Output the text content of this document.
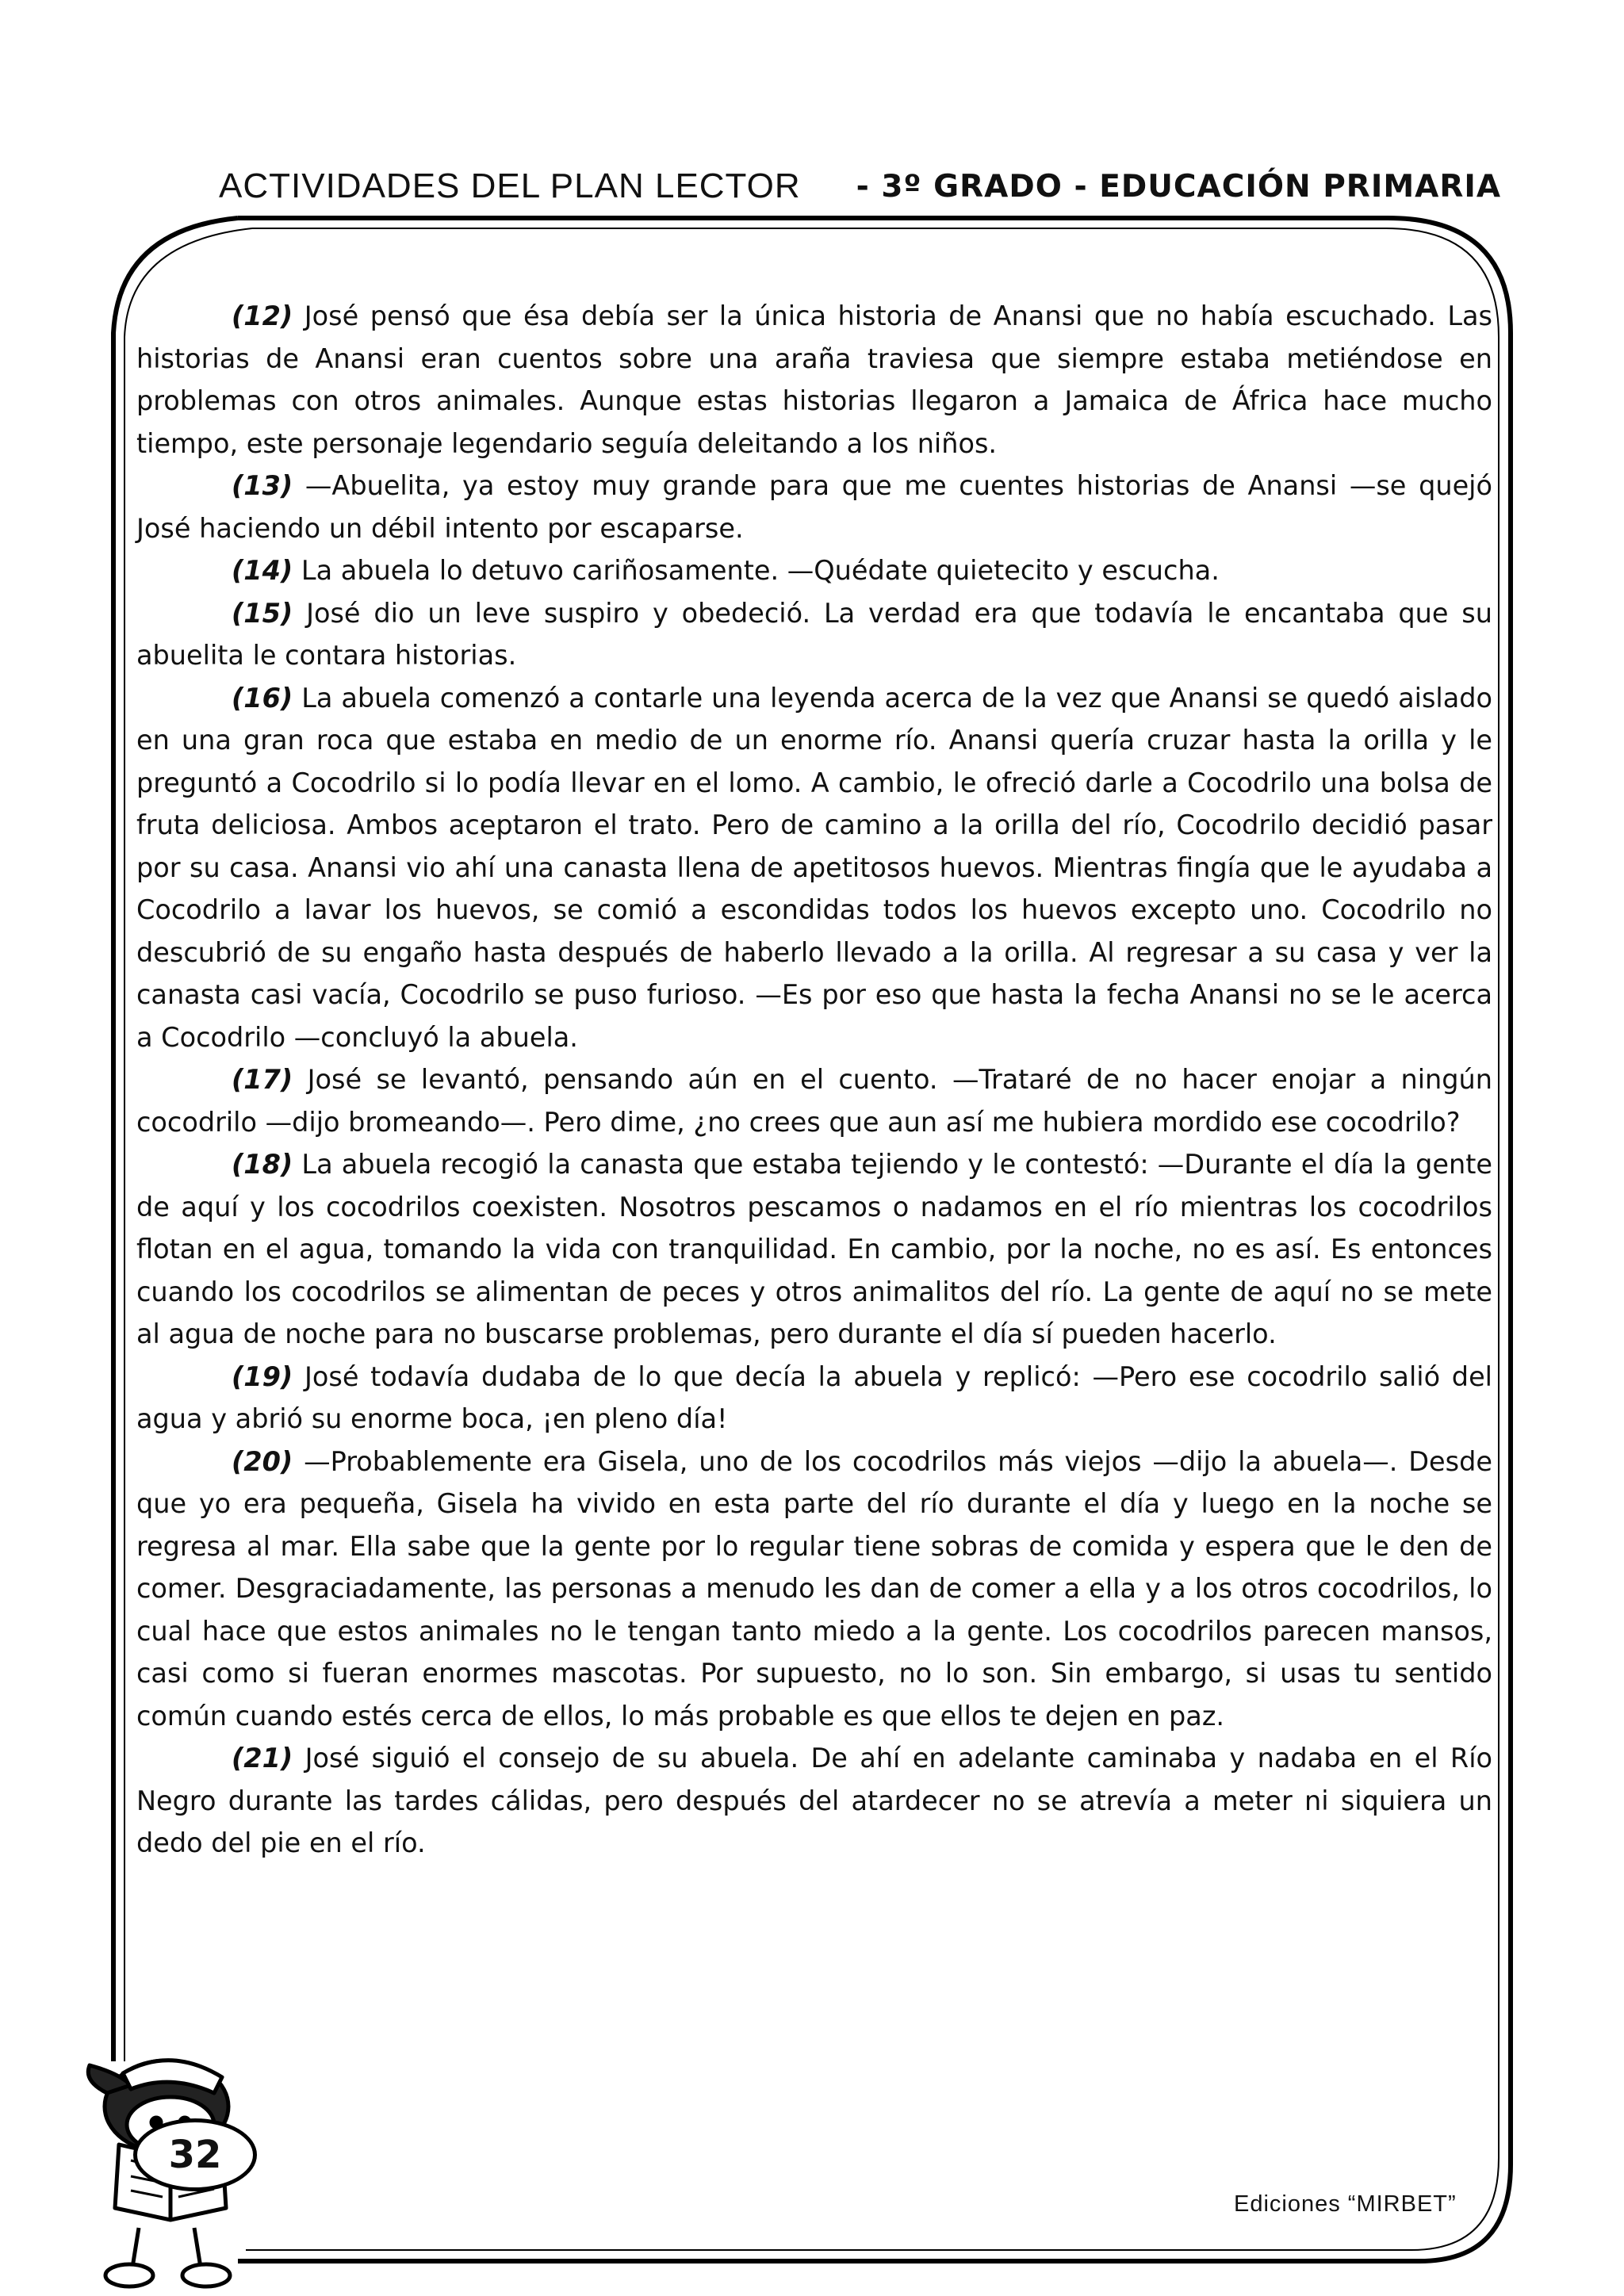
ACTIVIDADES DEL PLAN LECTOR - 3º GRADO - EDUCACIÓN PRIMARIA

(12) José pensó que ésa debía ser la única historia de Anansi que no había escuchado. Las historias de Anansi eran cuentos sobre una araña traviesa que siempre estaba metiéndose en problemas con otros animales. Aunque estas historias llegaron a Jamaica de África hace mucho tiempo, este personaje legendario seguía deleitando a los niños.

(13) —Abuelita, ya estoy muy grande para que me cuentes historias de Anansi —se quejó José haciendo un débil intento por escaparse.

(14) La abuela lo detuvo cariñosamente. —Quédate quietecito y escucha.

(15) José dio un leve suspiro y obedeció. La verdad era que todavía le encantaba que su abuelita le contara historias.

(16) La abuela comenzó a contarle una leyenda acerca de la vez que Anansi se quedó aislado en una gran roca que estaba en medio de un enorme río. Anansi quería cruzar hasta la orilla y le preguntó a Cocodrilo si lo podía llevar en el lomo. A cambio, le ofreció darle a Cocodrilo una bolsa de fruta deliciosa. Ambos aceptaron el trato. Pero de camino a la orilla del río, Cocodrilo decidió pasar por su casa. Anansi vio ahí una canasta llena de apetitosos huevos. Mientras fingía que le ayudaba a Cocodrilo a lavar los huevos, se comió a escondidas todos los huevos excepto uno. Cocodrilo no descubrió de su engaño hasta después de haberlo llevado a la orilla. Al regresar a su casa y ver la canasta casi vacía, Cocodrilo se puso furioso. —Es por eso que hasta la fecha Anansi no se le acerca a Cocodrilo —concluyó la abuela.

(17) José se levantó, pensando aún en el cuento. —Trataré de no hacer enojar a ningún cocodrilo —dijo bromeando—. Pero dime, ¿no crees que aun así me hubiera mordido ese cocodrilo?

(18) La abuela recogió la canasta que estaba tejiendo y le contestó: —Durante el día la gente de aquí y los cocodrilos coexisten. Nosotros pescamos o nadamos en el río mientras los cocodrilos flotan en el agua, tomando la vida con tranquilidad. En cambio, por la noche, no es así. Es entonces cuando los cocodrilos se alimentan de peces y otros animalitos del río. La gente de aquí no se mete al agua de noche para no buscarse problemas, pero durante el día sí pueden hacerlo.

(19) José todavía dudaba de lo que decía la abuela y replicó: —Pero ese cocodrilo salió del agua y abrió su enorme boca, ¡en pleno día!

(20) —Probablemente era Gisela, uno de los cocodrilos más viejos —dijo la abuela—. Desde que yo era pequeña, Gisela ha vivido en esta parte del río durante el día y luego en la noche se regresa al mar. Ella sabe que la gente por lo regular tiene sobras de comida y espera que le den de comer. Desgraciadamente, las personas a menudo les dan de comer a ella y a los otros cocodrilos, lo cual hace que estos animales no le tengan tanto miedo a la gente. Los cocodrilos parecen mansos, casi como si fueran enormes mascotas. Por supuesto, no lo son. Sin embargo, si usas tu sentido común cuando estés cerca de ellos, lo más probable es que ellos te dejen en paz.

(21) José siguió el consejo de su abuela. De ahí en adelante caminaba y nadaba en el Río Negro durante las tardes cálidas, pero después del atardecer no se atrevía a meter ni siquiera un dedo del pie en el río.

32
Ediciones “MIRBET”
